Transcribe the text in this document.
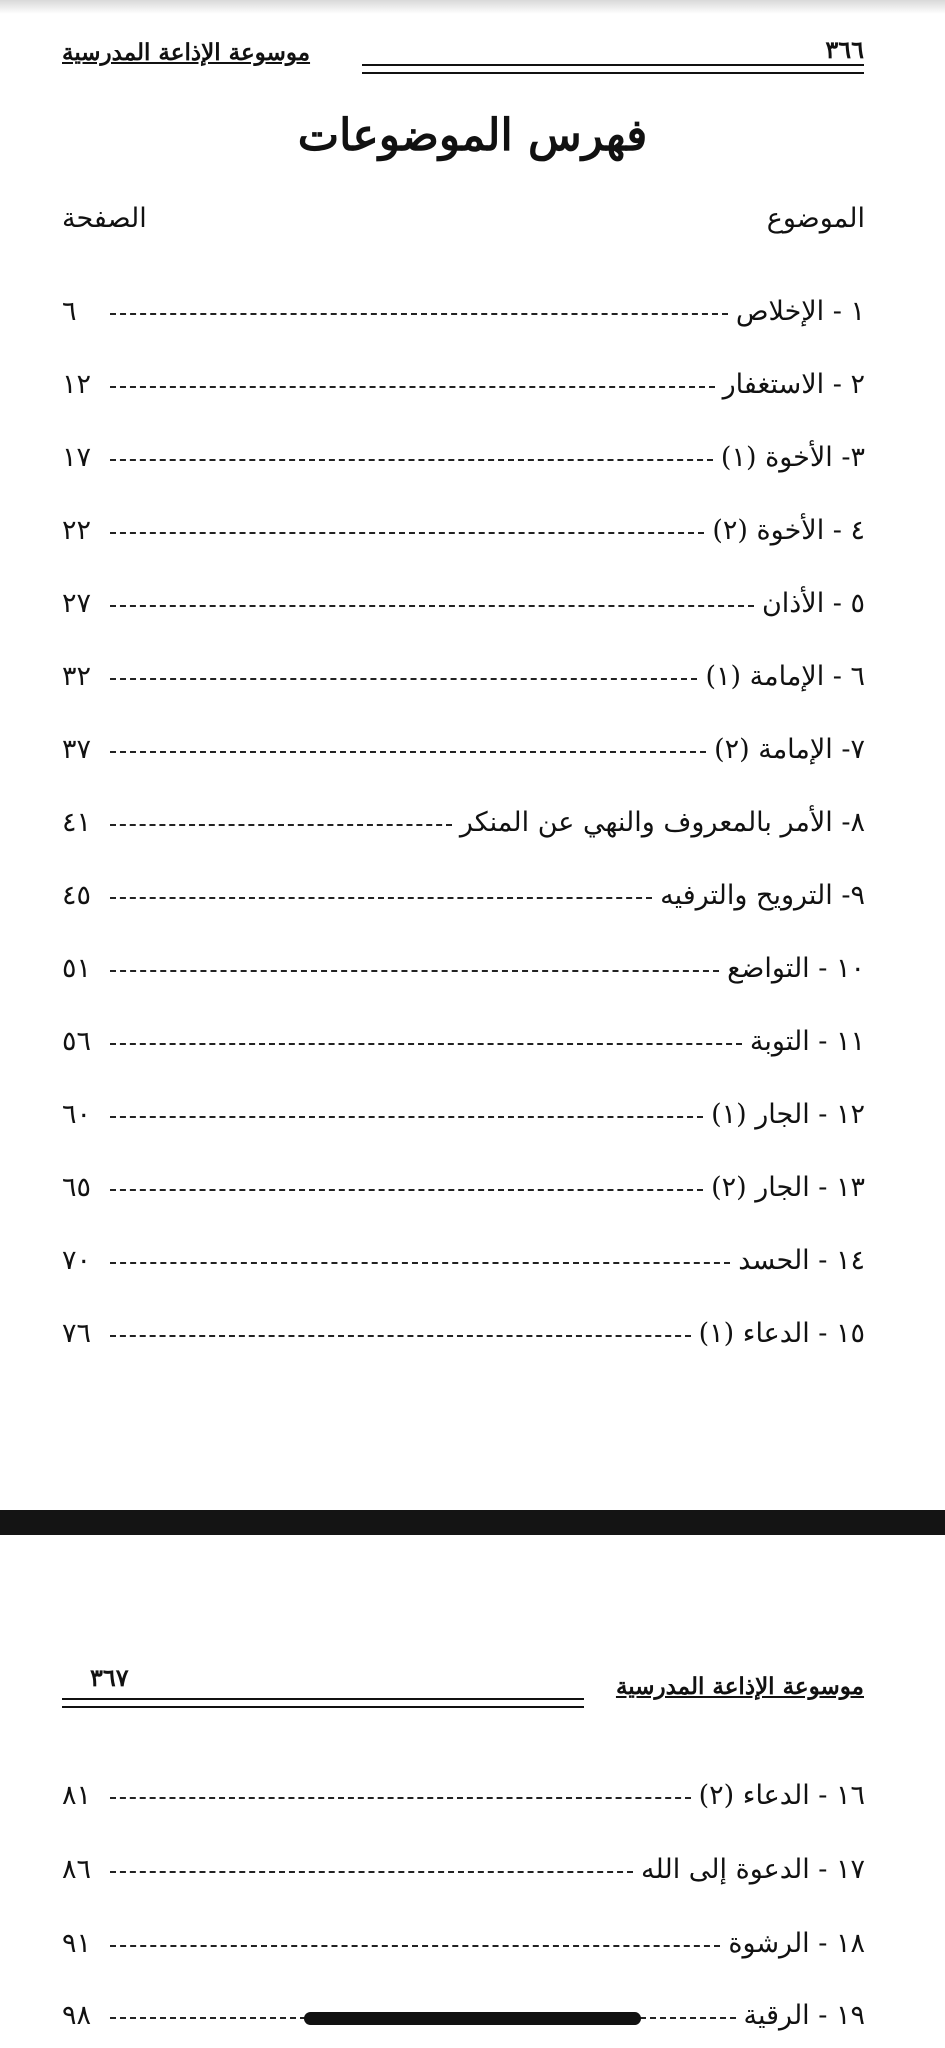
موسوعة الإذاعة المدرسية	٣٦٦
فهرس الموضوعات
الموضوع
الصفحة
١ - الإخلاص
٦
٢ - الاستغفار
١٢
٣- الأخوة (١)
١٧
٤ - الأخوة (٢)
٢٢
٥ - الأذان
٢٧
٦ - الإمامة (١)
٣٢
٧- الإمامة (٢)
٣٧
٨- الأمر بالمعروف والنهي عن المنكر
٤١
٩- الترويح والترفيه
٤٥
١٠ - التواضع
٥١
١١ - التوبة
٥٦
١٢ - الجار (١)
٦٠
١٣ - الجار (٢)
٦٥
١٤ - الحسد
٧٠
١٥ - الدعاء (١)
٧٦
موسوعة الإذاعة المدرسية
٣٦٧
١٦ - الدعاء (٢)
٨١
١٧ - الدعوة إلى الله
٨٦
١٨ - الرشوة
٩١
١٩ - الرقية
٩٨
